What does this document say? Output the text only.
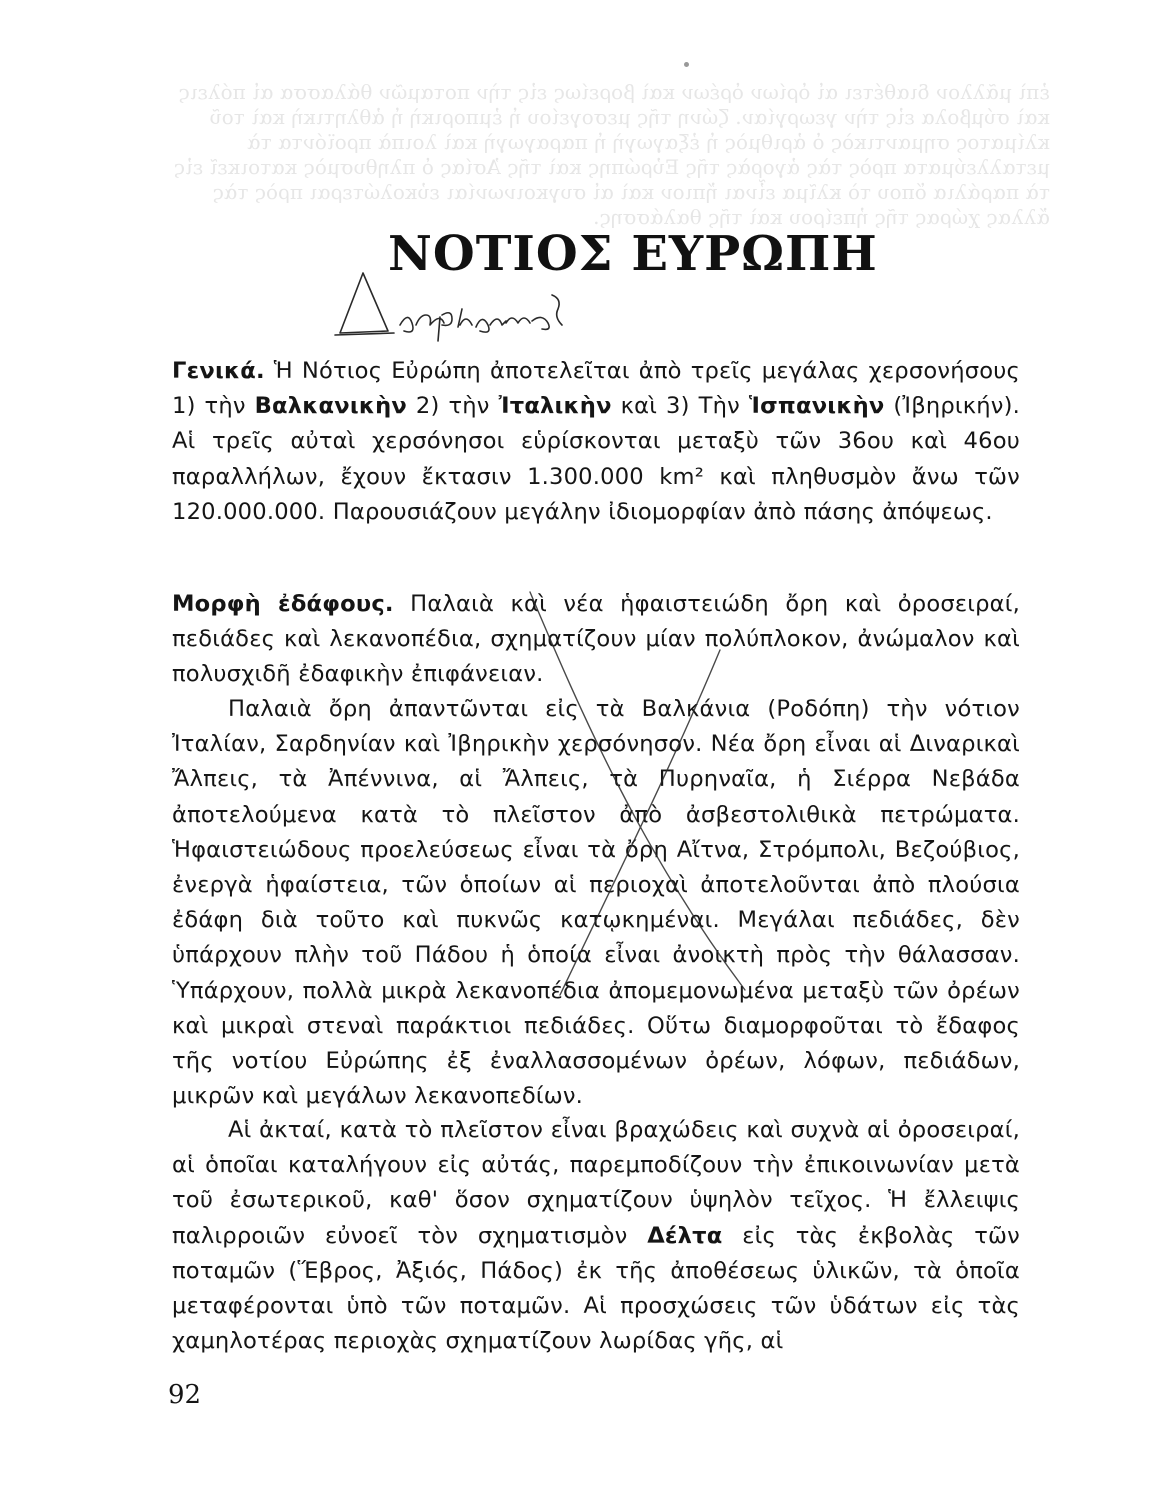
ἐπὶ μᾶλλον διαθέτει αἱ ὁρίων ὁρέων καὶ βορείως εἰς τὴν ποταμῶν θάλασσα αἱ πόλεις καὶ σύμβολα εἰς τὴν γεωργίαν. ζώνη τῆς μεσογείου ἡ ἐμπορικὴ ἡ ἀθλητικὴ καὶ τοῦ κλίματος σημαντικὸς ὁ ἀριθμὸς ἡ ἐξαγωγὴ ἡ παραγωγὴ καὶ λοιπὰ προϊόντα τὰ μεταλλεύματα πρὸς τὰς ἀγορὰς τῆς Εὐρώπης καὶ τῆς Ἀσίας ὁ πληθυσμὸς κατοικεῖ εἰς τὰ παράλια ὅπου τὸ κλῖμα εἶναι ἤπιον καὶ αἱ συγκοινωνίαι εὐκολώτεραι πρὸς τὰς ἄλλας χώρας τῆς ἠπείρου καὶ τῆς θαλάσσης.
ΝΟΤΙΟΣ ΕΥΡΩΠΗ

Γενικά. Ἡ Νότιος Εὐρώπη ἀποτελεῖται ἀπὸ τρεῖς μεγάλας χερσονήσους 1) τὴν Βαλκανικὴν 2) τὴν Ἰταλικὴν καὶ 3) Τὴν Ἱσπανικὴν (Ἰβηρικήν). Αἱ τρεῖς αὐταὶ χερσόνησοι εὑρίσκονται μεταξὺ τῶν 36ου καὶ 46ου παραλλήλων, ἔχουν ἔκτασιν 1.300.000 km² καὶ πληθυσμὸν ἄνω τῶν 120.000.000. Παρουσιάζουν μεγάλην ἰδιομορφίαν ἀπὸ πάσης ἀπόψεως.

Μορφὴ ἐδάφους. Παλαιὰ καὶ νέα ἡφαιστειώδη ὄρη καὶ ὀροσειραί, πεδιάδες καὶ λεκανοπέδια, σχηματίζουν μίαν πολύπλοκον, ἀνώμαλον καὶ πολυσχιδῆ ἐδαφικὴν ἐπιφάνειαν.

Παλαιὰ ὄρη ἀπαντῶνται εἰς τὰ Βαλκάνια (Ροδόπη) τὴν νότιον Ἰταλίαν, Σαρδηνίαν καὶ Ἰβηρικὴν χερσόνησον. Νέα ὄρη εἶναι αἱ Διναρικαὶ Ἄλπεις, τὰ Ἀπέννινα, αἱ Ἄλπεις, τὰ Πυρηναῖα, ἡ Σιέρρα Νεβάδα ἀποτελούμενα κατὰ τὸ πλεῖστον ἀπὸ ἀσβεστολιθικὰ πετρώματα. Ἡφαιστειώδους προελεύσεως εἶναι τὰ ὄρη Αἴτνα, Στρόμπολι, Βεζούβιος, ἐνεργὰ ἡφαίστεια, τῶν ὁποίων αἱ περιοχαὶ ἀποτελοῦνται ἀπὸ πλούσια ἐδάφη διὰ τοῦτο καὶ πυκνῶς κατῳκημέναι. Μεγάλαι πεδιάδες, δὲν ὑπάρχουν πλὴν τοῦ Πάδου ἡ ὁποία εἶναι ἀνοικτὴ πρὸς τὴν θάλασσαν. Ὑπάρχουν, πολλὰ μικρὰ λεκανοπέδια ἀπομεμονωμένα μεταξὺ τῶν ὀρέων καὶ μικραὶ στεναὶ παράκτιοι πεδιάδες. Οὕτω διαμορφοῦται τὸ ἔδαφος τῆς νοτίου Εὐρώπης ἐξ ἐναλλασσομένων ὀρέων, λόφων, πεδιάδων, μικρῶν καὶ μεγάλων λεκανοπεδίων.

Αἱ ἀκταί, κατὰ τὸ πλεῖστον εἶναι βραχώδεις καὶ συχνὰ αἱ ὀροσειραί, αἱ ὁποῖαι καταλήγουν εἰς αὐτάς, παρεμποδίζουν τὴν ἐπικοινωνίαν μετὰ τοῦ ἐσωτερικοῦ, καθ' ὅσον σχηματίζουν ὑψηλὸν τεῖχος. Ἡ ἔλλειψις παλιρροιῶν εὐνοεῖ τὸν σχηματισμὸν Δέλτα εἰς τὰς ἐκβολὰς τῶν ποταμῶν (Ἕβρος, Ἀξιός, Πάδος) ἐκ τῆς ἀποθέσεως ὑλικῶν, τὰ ὁποῖα μεταφέρονται ὑπὸ τῶν ποταμῶν. Αἱ προσχώσεις τῶν ὑδάτων εἰς τὰς χαμηλοτέρας περιοχὰς σχηματίζουν λωρίδας γῆς, αἱ

92
